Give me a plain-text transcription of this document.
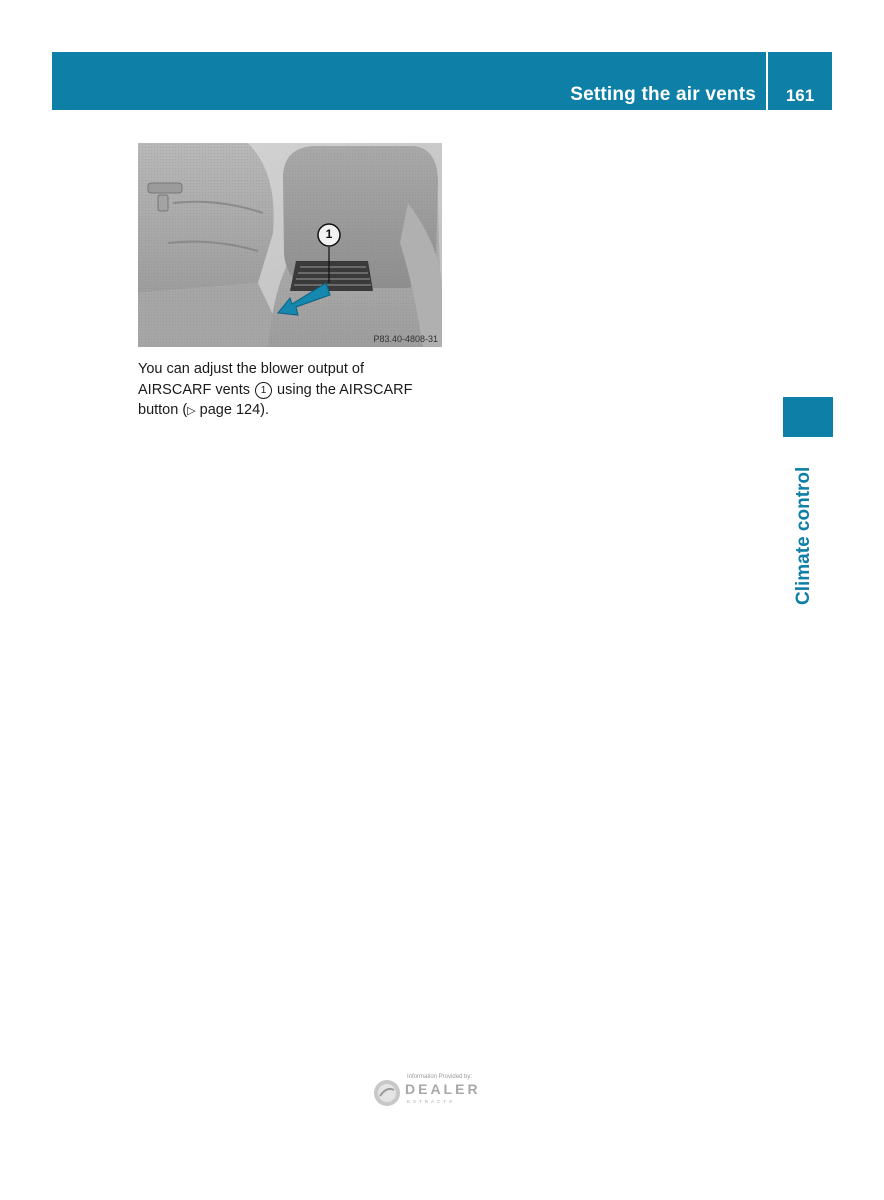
Setting the air vents	161
Climate control
1
P83.40-4808-31
You can adjust the blower output of AIRSCARF vents 1 using the AIRSCARF button (▷ page 124).
Information Provided by:
DEALER
EXTRACTS
